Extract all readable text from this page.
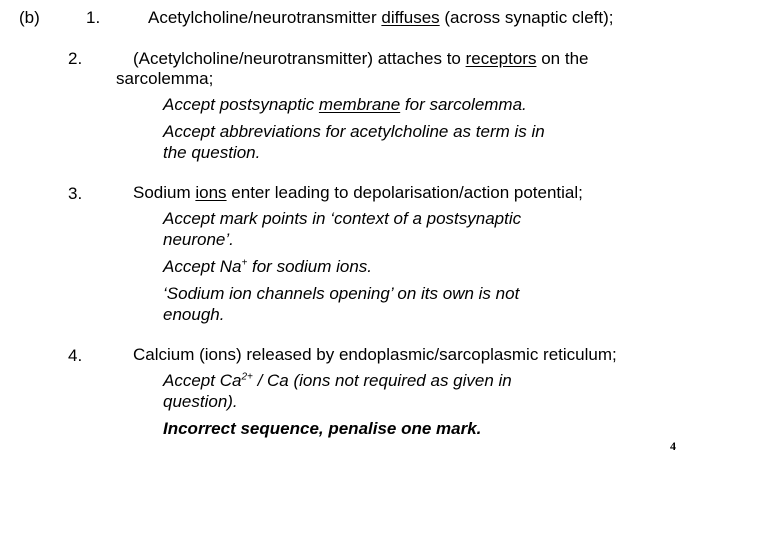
(b)	1.	Acetylcholine/neurotransmitter diffuses (across synaptic cleft);
2.	(Acetylcholine/neurotransmitter) attaches to receptors on the
sarcolemma;
Accept postsynaptic membrane for sarcolemma.
Accept abbreviations for acetylcholine as term is in
the question.
3.	Sodium ions enter leading to depolarisation/action potential;
Accept mark points in ‘context of a postsynaptic
neurone’.
Accept Na+ for sodium ions.
‘Sodium ion channels opening’ on its own is not
enough.
4.	Calcium (ions) released by endoplasmic/sarcoplasmic reticulum;
Accept $Ca^{2+}$ / Ca (ions not required as given in
question).
Incorrect sequence, penalise one mark.
4
